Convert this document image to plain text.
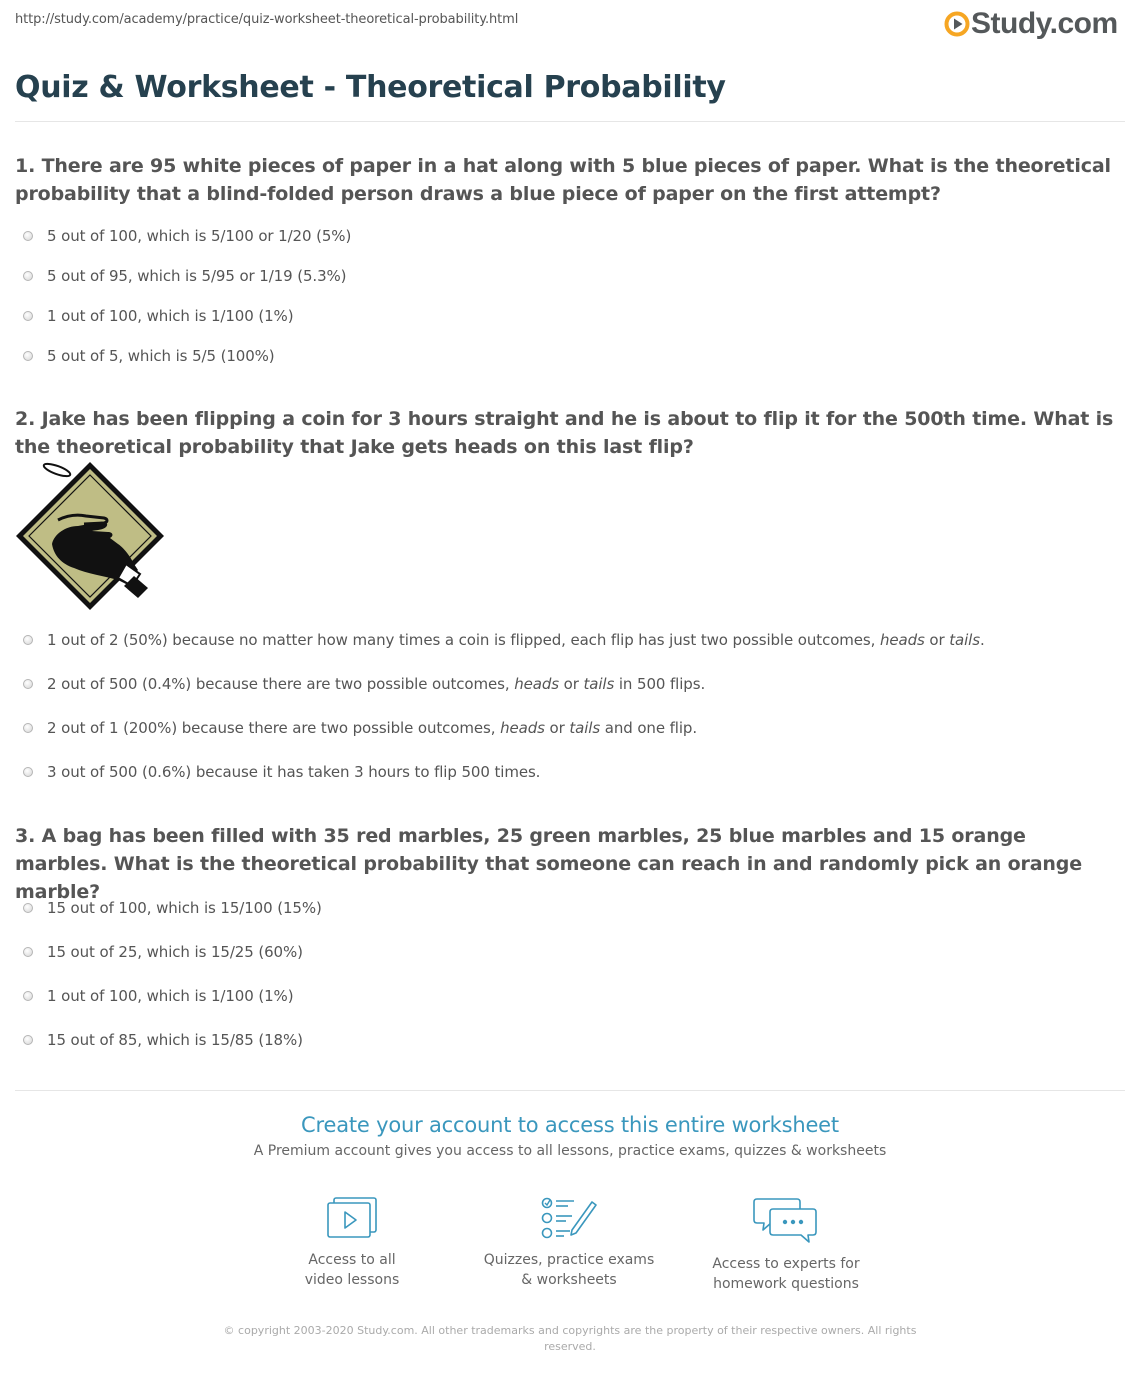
http://study.com/academy/practice/quiz-worksheet-theoretical-probability.html	Study.com
Quiz & Worksheet - Theoretical Probability
1. There are 95 white pieces of paper in a hat along with 5 blue pieces of paper. What is the theoretical probability that a blind-folded person draws a blue piece of paper on the first attempt?
5 out of 100, which is 5/100 or 1/20 (5%)
5 out of 95, which is 5/95 or 1/19 (5.3%)
1 out of 100, which is 1/100 (1%)
5 out of 5, which is 5/5 (100%)
2. Jake has been flipping a coin for 3 hours straight and he is about to flip it for the 500th time. What is the theoretical probability that Jake gets heads on this last flip?
1 out of 2 (50%) because no matter how many times a coin is flipped, each flip has just two possible outcomes, heads or tails.
2 out of 500 (0.4%) because there are two possible outcomes, heads or tails in 500 flips.
2 out of 1 (200%) because there are two possible outcomes, heads or tails and one flip.
3 out of 500 (0.6%) because it has taken 3 hours to flip 500 times.
3. A bag has been filled with 35 red marbles, 25 green marbles, 25 blue marbles and 15 orange marbles. What is the theoretical probability that someone can reach in and randomly pick an orange marble?
15 out of 100, which is 15/100 (15%)
15 out of 25, which is 15/25 (60%)
1 out of 100, which is 1/100 (1%)
15 out of 85, which is 15/85 (18%)
Create your account to access this entire worksheet
A Premium account gives you access to all lessons, practice exams, quizzes & worksheets
Access to all
video lessons
Quizzes, practice exams
& worksheets
Access to experts for
homework questions
© copyright 2003-2020 Study.com. All other trademarks and copyrights are the property of their respective owners. All rights
reserved.
